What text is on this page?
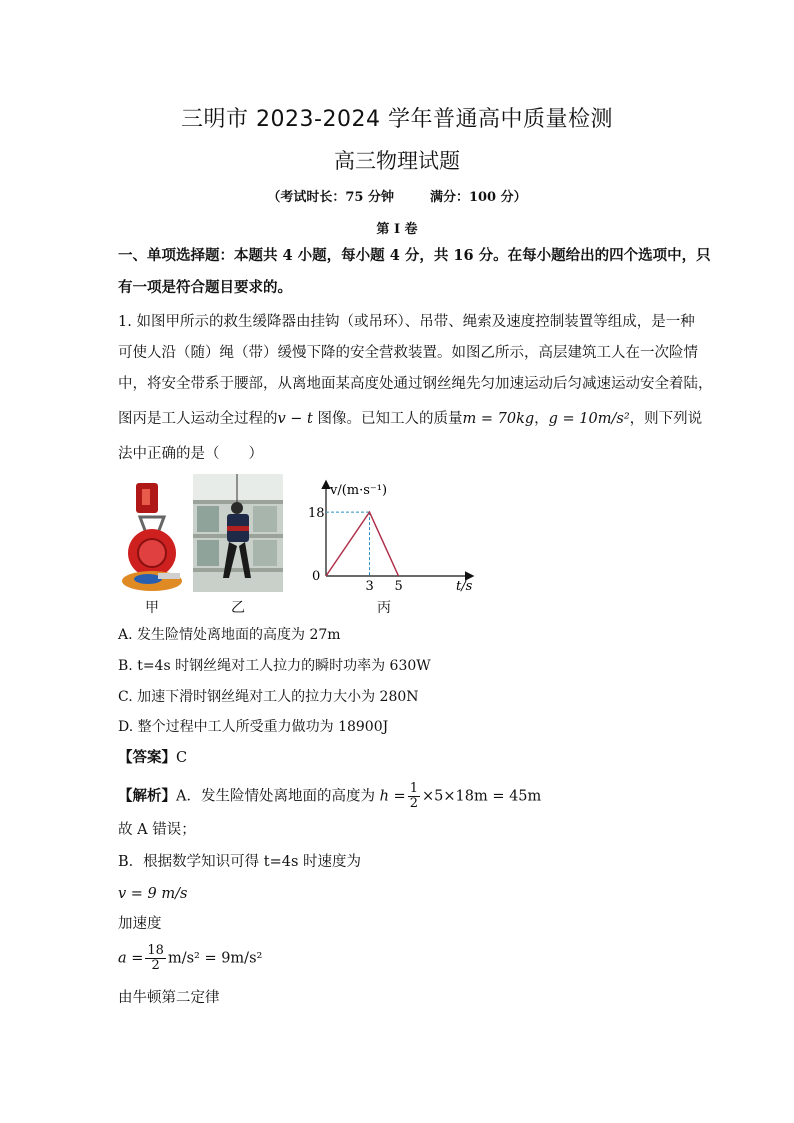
三明市 2023-2024 学年普通高中质量检测
高三物理试题
（考试时长：75 分钟	满分：100 分）
第 I 卷
一、单项选择题：本题共 4 小题，每小题 4 分，共 16 分。在每小题给出的四个选项中，只
有一项是符合题目要求的。
1. 如图甲所示的救生缓降器由挂钩（或吊环）、吊带、绳索及速度控制装置等组成，是一种
可使人沿（随）绳（带）缓慢下降的安全营救装置。如图乙所示，高层建筑工人在一次险情
中，将安全带系于腰部，从离地面某高度处通过钢丝绳先匀加速运动后匀减速运动安全着陆，
图丙是工人运动全过程的v − t 图像。已知工人的质量m = 70kg，g = 10m/s²，则下列说
法中正确的是（　　）
v/(m·s⁻¹)
t/s
0
3 5
18
甲	乙	丙
A. 发生险情处离地面的高度为 27m
B. t=4s 时钢丝绳对工人拉力的瞬时功率为 630W
C. 加速下滑时钢丝绳对工人的拉力大小为 280N
D. 整个过程中工人所受重力做功为 18900J
【答案】C
【解析】A．发生险情处离地面的高度为 $h = \frac{1}{2} \times 5\times 18m = 45m$
故 A 错误；
B．根据数学知识可得 t=4s 时速度为
v = 9 m/s
加速度
$a = \frac{18}{2} m/s^2 = 9m/s^2$
由牛顿第二定律
